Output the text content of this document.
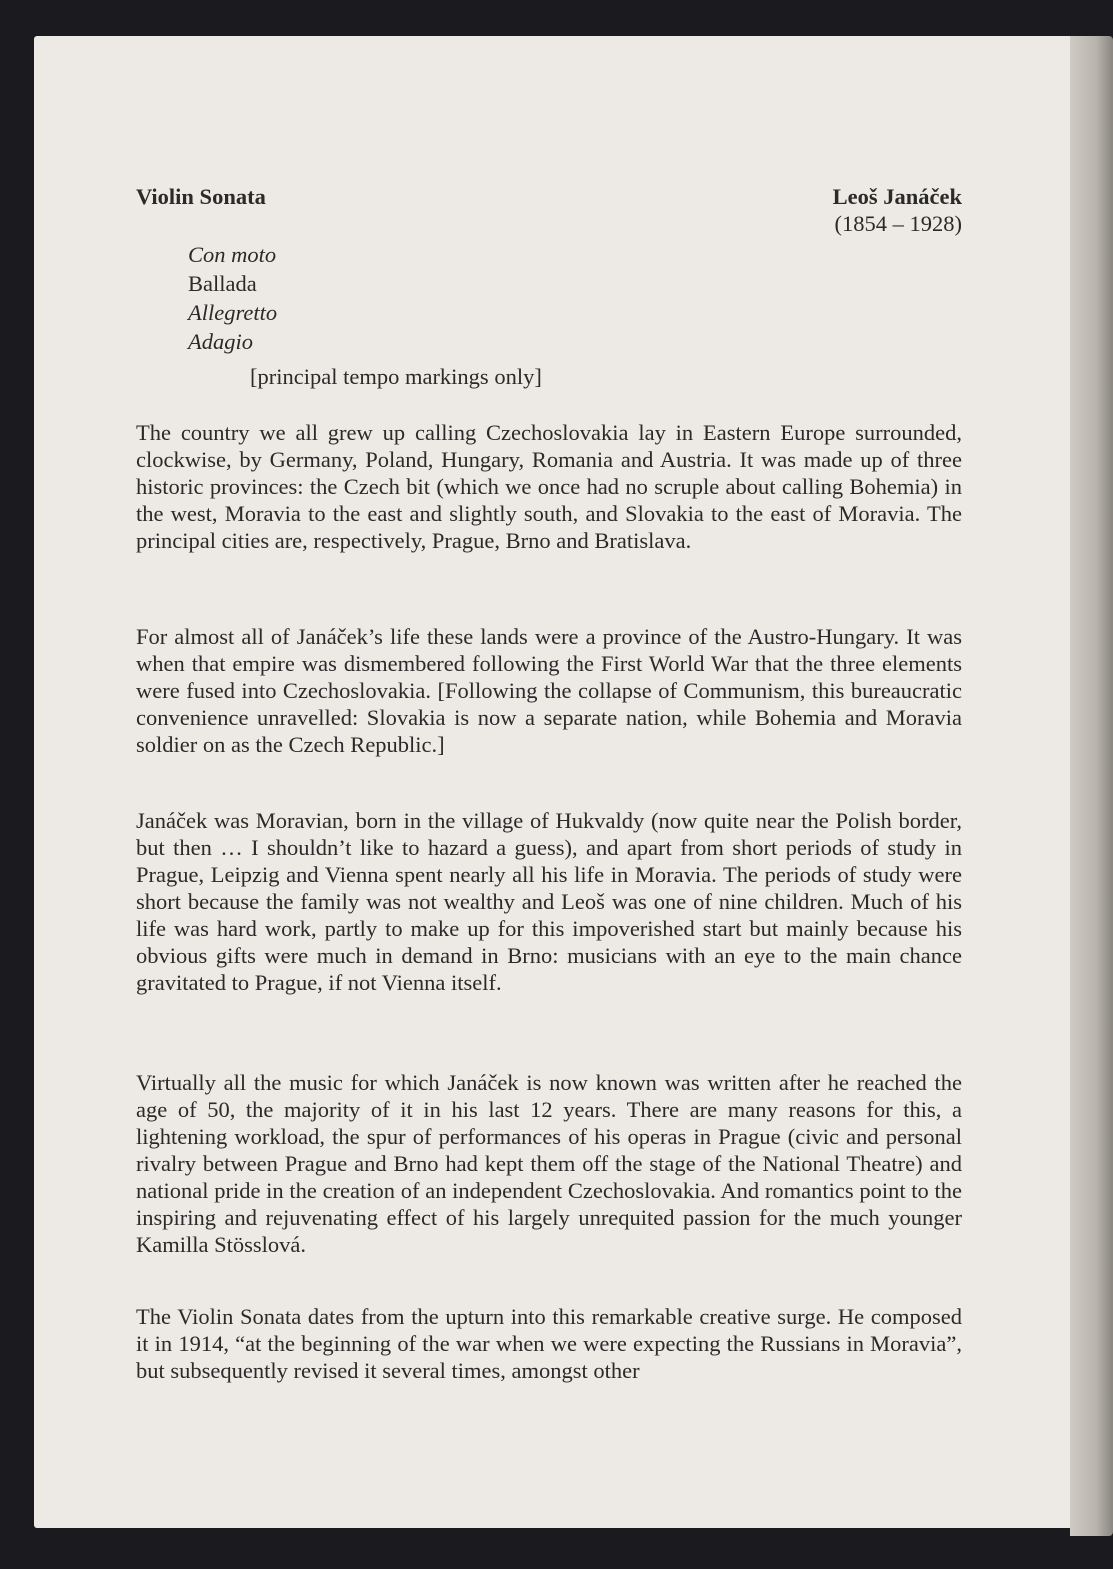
Violin Sonata	Leoš Janáček
(1854 – 1928)
Con moto
Ballada
Allegretto
Adagio
[principal tempo markings only]

The country we all grew up calling Czechoslovakia lay in Eastern Europe surrounded, clockwise, by Germany, Poland, Hungary, Romania and Austria. It was made up of three historic provinces: the Czech bit (which we once had no scruple about calling Bohemia) in the west, Moravia to the east and slightly south, and Slovakia to the east of Moravia. The principal cities are, respectively, Prague, Brno and Bratislava.

For almost all of Janáček’s life these lands were a province of the Austro-Hungary. It was when that empire was dismembered following the First World War that the three elements were fused into Czechoslovakia. [Following the collapse of Communism, this bureaucratic convenience unravelled: Slovakia is now a separate nation, while Bohemia and Moravia soldier on as the Czech Republic.]

Janáček was Moravian, born in the village of Hukvaldy (now quite near the Polish border, but then … I shouldn’t like to hazard a guess), and apart from short periods of study in Prague, Leipzig and Vienna spent nearly all his life in Moravia. The periods of study were short because the family was not wealthy and Leoš was one of nine children. Much of his life was hard work, partly to make up for this impoverished start but mainly because his obvious gifts were much in demand in Brno: musicians with an eye to the main chance gravitated to Prague, if not Vienna itself.

Virtually all the music for which Janáček is now known was written after he reached the age of 50, the majority of it in his last 12 years. There are many reasons for this, a lightening workload, the spur of performances of his operas in Prague (civic and personal rivalry between Prague and Brno had kept them off the stage of the National Theatre) and national pride in the creation of an independent Czechoslovakia. And romantics point to the inspiring and rejuvenating effect of his largely unrequited passion for the much younger Kamilla Stösslová.

The Violin Sonata dates from the upturn into this remarkable creative surge. He composed it in 1914, “at the beginning of the war when we were expecting the Russians in Moravia”, but subsequently revised it several times, amongst other
